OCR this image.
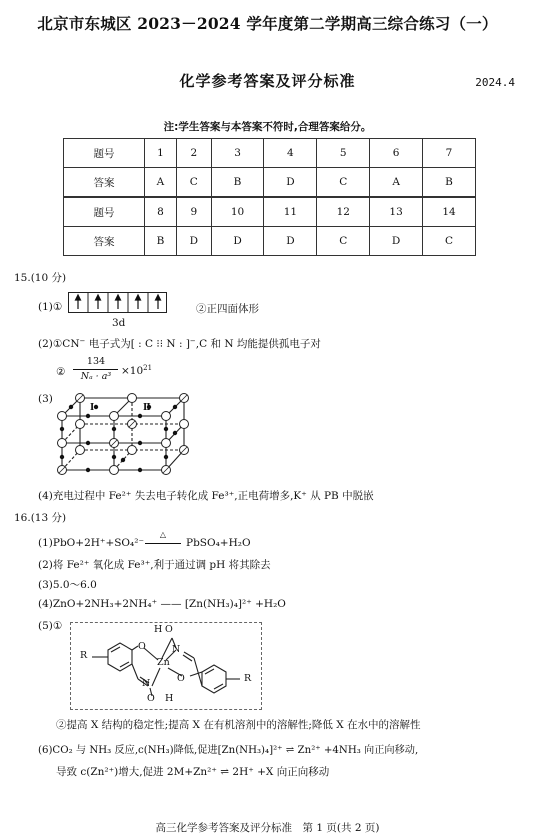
北京市东城区 2023－2024 学年度第二学期高三综合练习（一）
化学参考答案及评分标准	2024.4
注:学生答案与本答案不符时,合理答案给分。
题号	1	2	3	4	5	6	7
答案	A	C	B	D	C	A	B
题号	8	9	10	11	12	13	14
答案	B	D	D	D	C	D	C
15.(10 分)
(1)①
3d
②正四面体形
(2)①CN− 电子式为[ : C ⁝⁝ N : ]−,C 和 N 均能提供孤电子对
②
134
$N_a \cdot a^3 \times 10^{21}$
(3)
Ⅰ	Ⅱ
(4)充电过程中 Fe²⁺ 失去电子转化成 Fe³⁺,正电荷增多,K⁺ 从 PB 中脱嵌
16.(13 分)
(1)PbO+2H⁺+SO₄²⁻
△
PbSO₄+H₂O
(2)将 Fe²⁺ 氧化成 Fe³⁺,利于通过调 pH 将其除去
(3)5.0～6.0
(4)ZnO+2NH₃+2NH₄⁺ —— [Zn(NH₃)₄]²⁺ +H₂O
(5)①	H O
N
O
Zn
O
N
O H
R
R
②提高 X 结构的稳定性;提高 X 在有机溶剂中的溶解性;降低 X 在水中的溶解性
(6)CO₂ 与 NH₃ 反应,c(NH₃)降低,促进[Zn(NH₃)₄]²⁺ ⇌ Zn²⁺ +4NH₃ 向正向移动,
导致 c(Zn²⁺)增大,促进 2M+Zn²⁺ ⇌ 2H⁺ +X 向正向移动
高三化学参考答案及评分标准　第 1 页(共 2 页)
